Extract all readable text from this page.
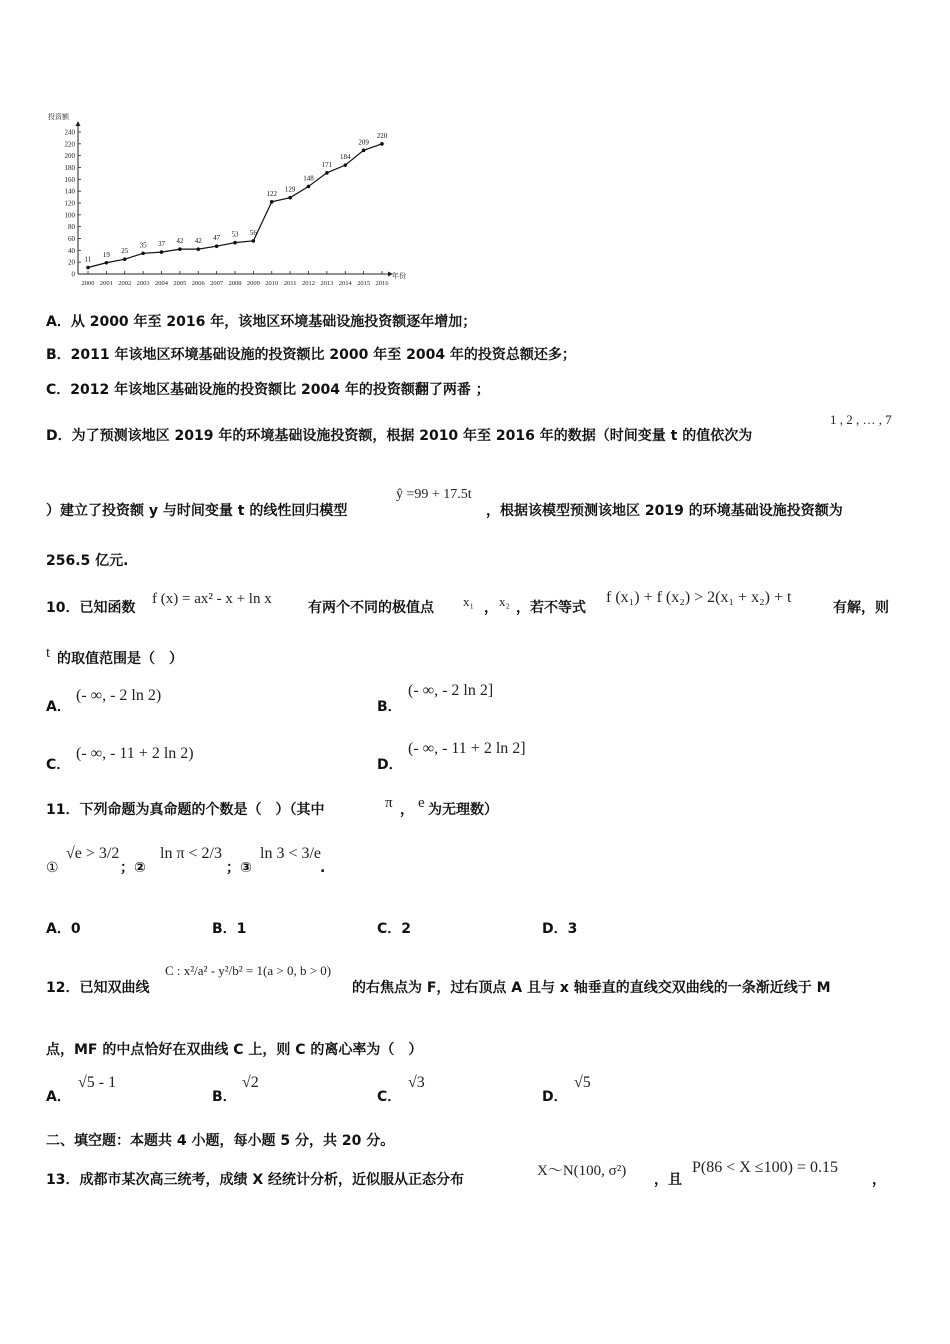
投资额
年份
0
20
40
60
80
100
120
140
160
180
200
220
240
2000 2001 2002 2003 2004 2005 2006 2007 2008 2009 2010 2011 2012 2013 2014 2015 2016
11
19 25
35 37 42 42 47 53 56
122
129
148
171
184
209
220
A．从 2000 年至 2016 年，该地区环境基础设施投资额逐年增加；
B．2011 年该地区环境基础设施的投资额比 2000 年至 2004 年的投资总额还多；
C．2012 年该地区基础设施的投资额比 2004 年的投资额翻了两番 ；
D．为了预测该地区 2019 年的环境基础设施投资额，根据 2010 年至 2016 年的数据（时间变量 t 的值依次为
1 , 2 , … , 7
）建立了投资额 y 与时间变量 t 的线性回归模型
ŷ =99 + 17.5t
，根据该模型预测该地区 2019 的环境基础设施投资额为
256.5 亿元.
10．已知函数
f (x) = ax² - x + ln x
有两个不同的极值点 x₁ ， x₂ ，若不等式
f (x₁) + f (x₂) > 2(x₁ + x₂) + t
有解，则
t 的取值范围是（　）
A．
(- ∞, - 2 ln 2)
B．
(- ∞, - 2 ln 2]
C．
(- ∞, - 11 + 2 ln 2)
D．
(- ∞, - 11 + 2 ln 2]
11．下列命题为真命题的个数是（　）（其中	π ， e 为无理数）
①
√e > 3/2
；②
ln π < 2/3
；③
ln 3 < 3/e
.
A．0	B．1	C．2	D．3
12．已知双曲线
C : x²/a² - y²/b² = 1(a > 0, b > 0)
的右焦点为 F，过右顶点 A 且与 x 轴垂直的直线交双曲线的一条渐近线于 M
点，MF 的中点恰好在双曲线 C 上，则 C 的离心率为（　）
A．
√5 - 1
B．
√2
C．
√3
D．
√5
二、填空题：本题共 4 小题，每小题 5 分，共 20 分。
13．成都市某次高三统考，成绩 X 经统计分析，近似服从正态分布
X～N(100, σ²)
，且
P(86 < X ≤100) = 0.15
，
